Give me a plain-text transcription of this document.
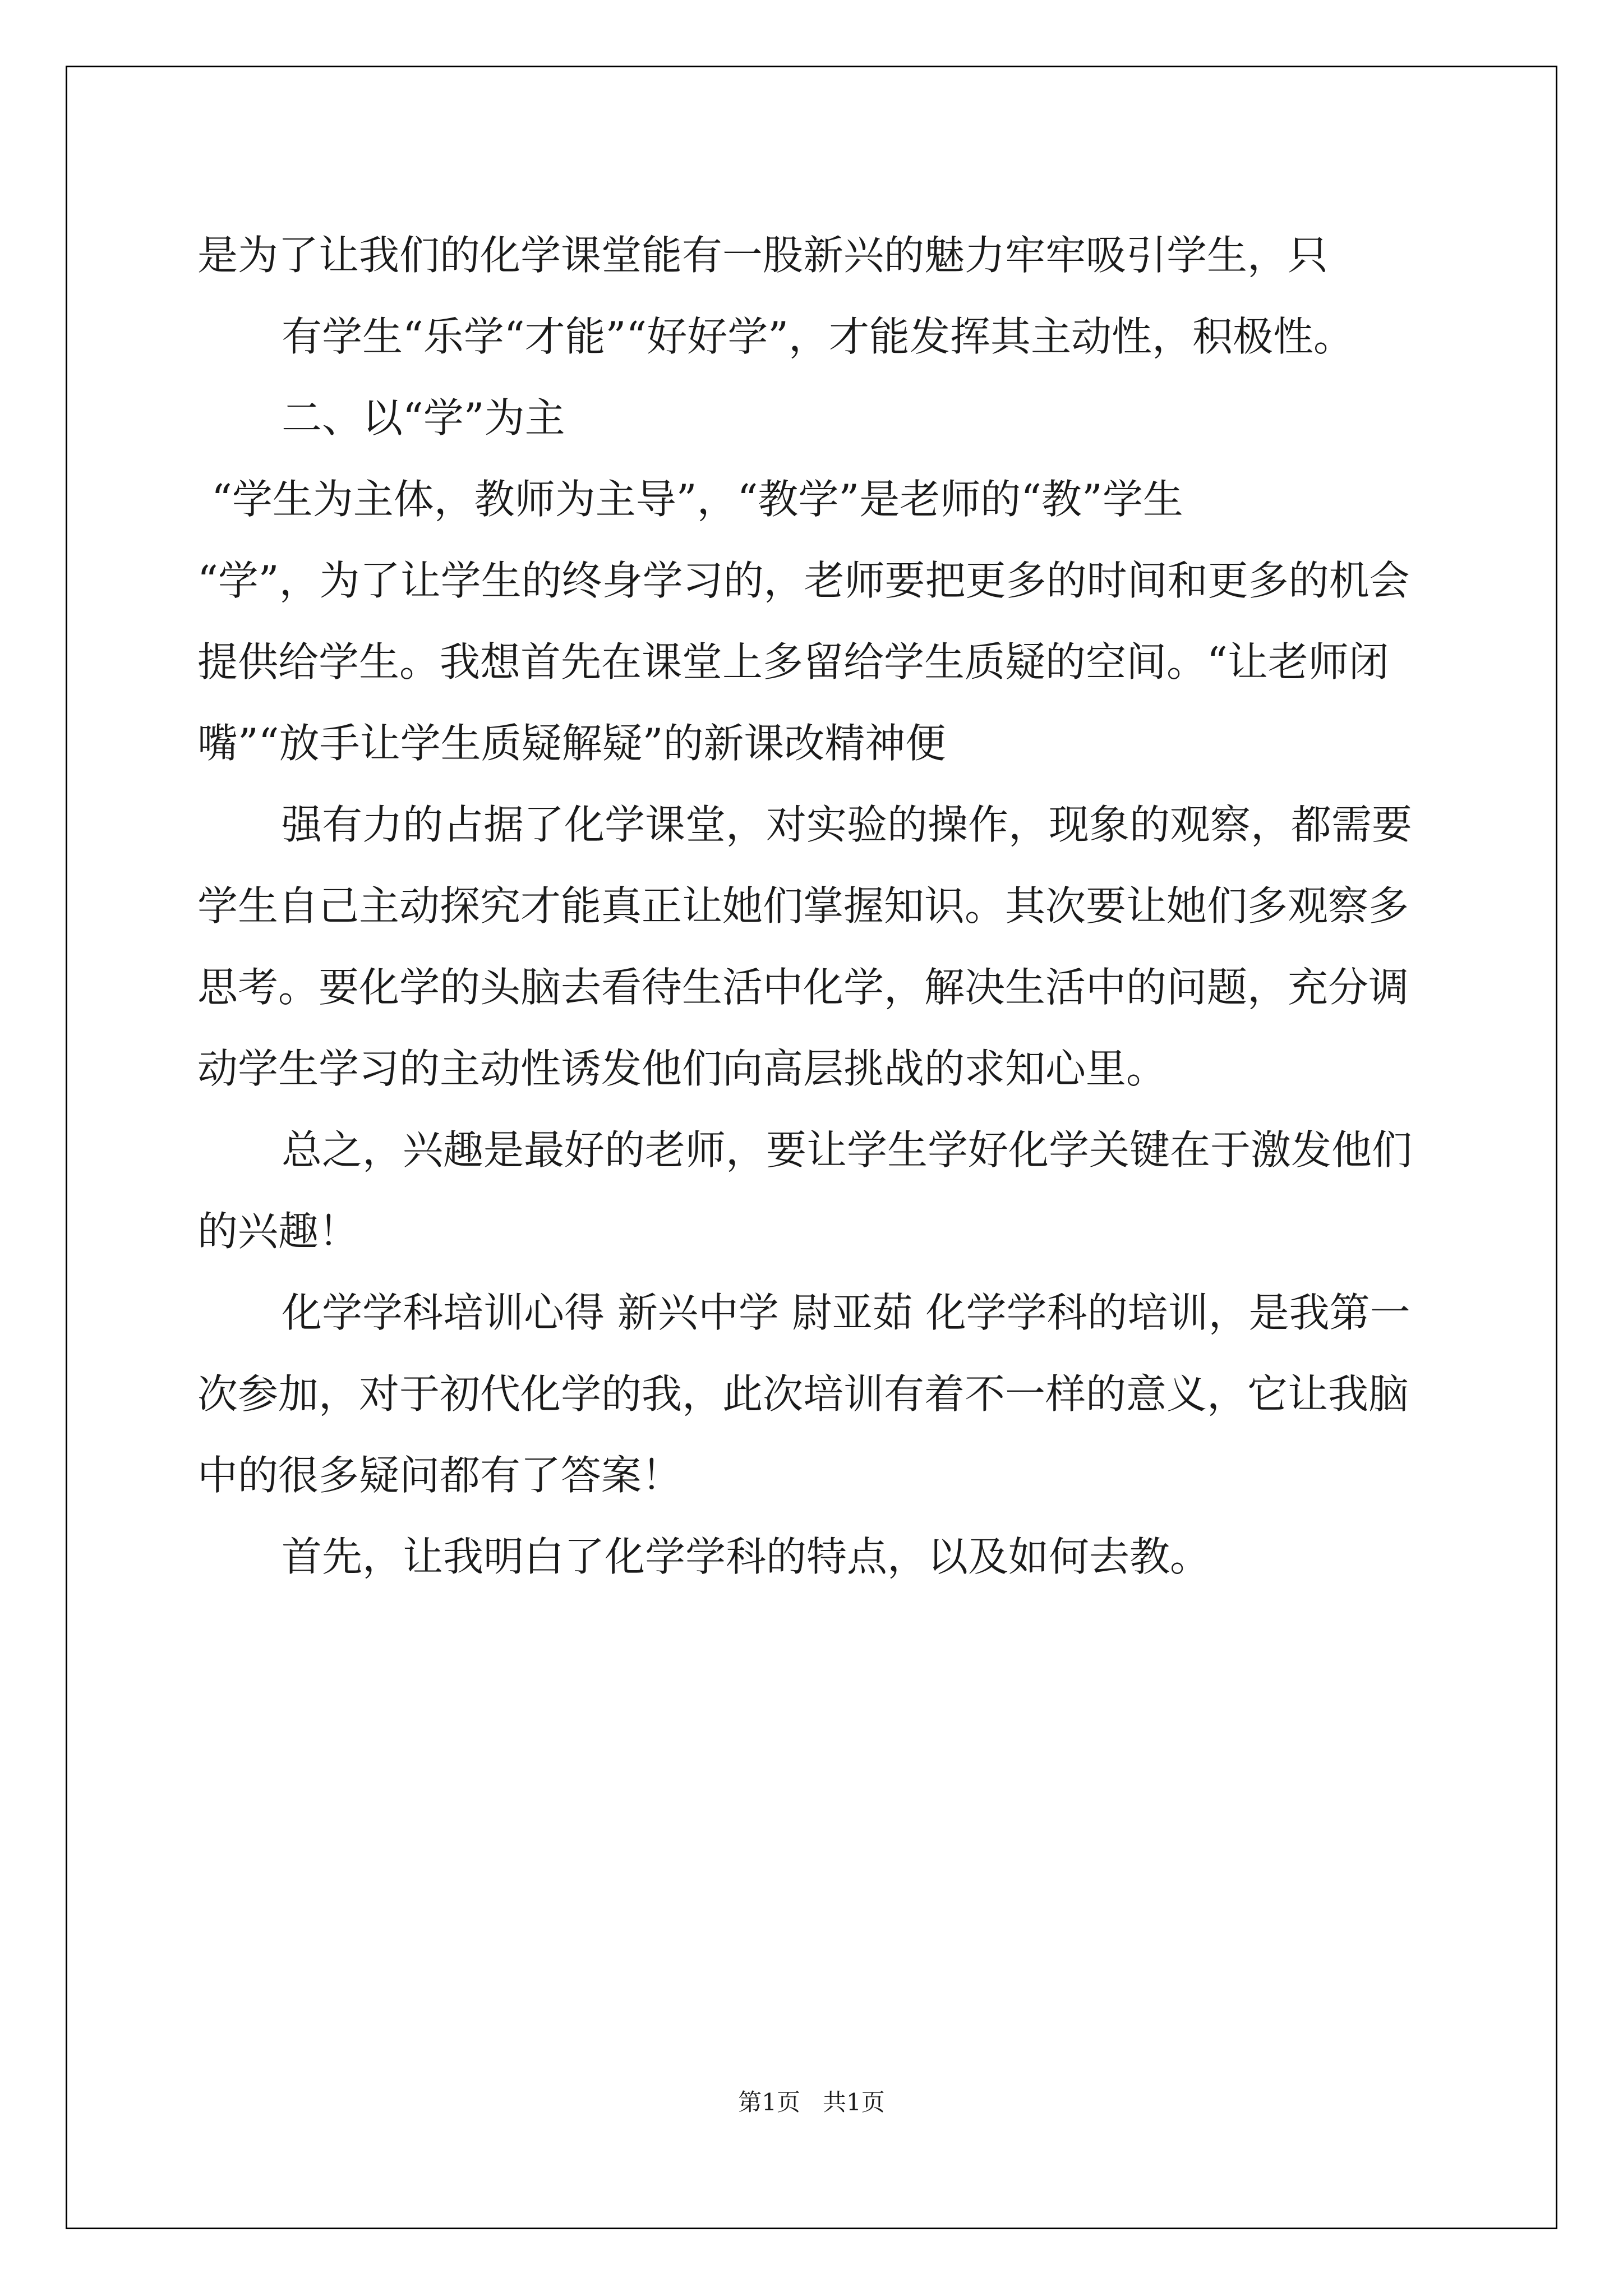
是为了让我们的化学课堂能有一股新兴的魅力牢牢吸引学生，只
有学生“乐学“才能”“好好学”，才能发挥其主动性，积极性。
二、以“学”为主
“学生为主体，教师为主导”，“教学”是老师的“教”学生
“学”，为了让学生的终身学习的，老师要把更多的时间和更多的机会
提供给学生。我想首先在课堂上多留给学生质疑的空间。“让老师闭
嘴”“放手让学生质疑解疑”的新课改精神便
强有力的占据了化学课堂，对实验的操作，现象的观察，都需要
学生自己主动探究才能真正让她们掌握知识。其次要让她们多观察多
思考。要化学的头脑去看待生活中化学，解决生活中的问题，充分调
动学生学习的主动性诱发他们向高层挑战的求知心里。
总之，兴趣是最好的老师，要让学生学好化学关键在于激发他们
的兴趣！
化学学科培训心得 新兴中学 尉亚茹 化学学科的培训，是我第一
次参加，对于初代化学的我，此次培训有着不一样的意义，它让我脑
中的很多疑问都有了答案！
首先，让我明白了化学学科的特点，以及如何去教。
第1页 共1页
